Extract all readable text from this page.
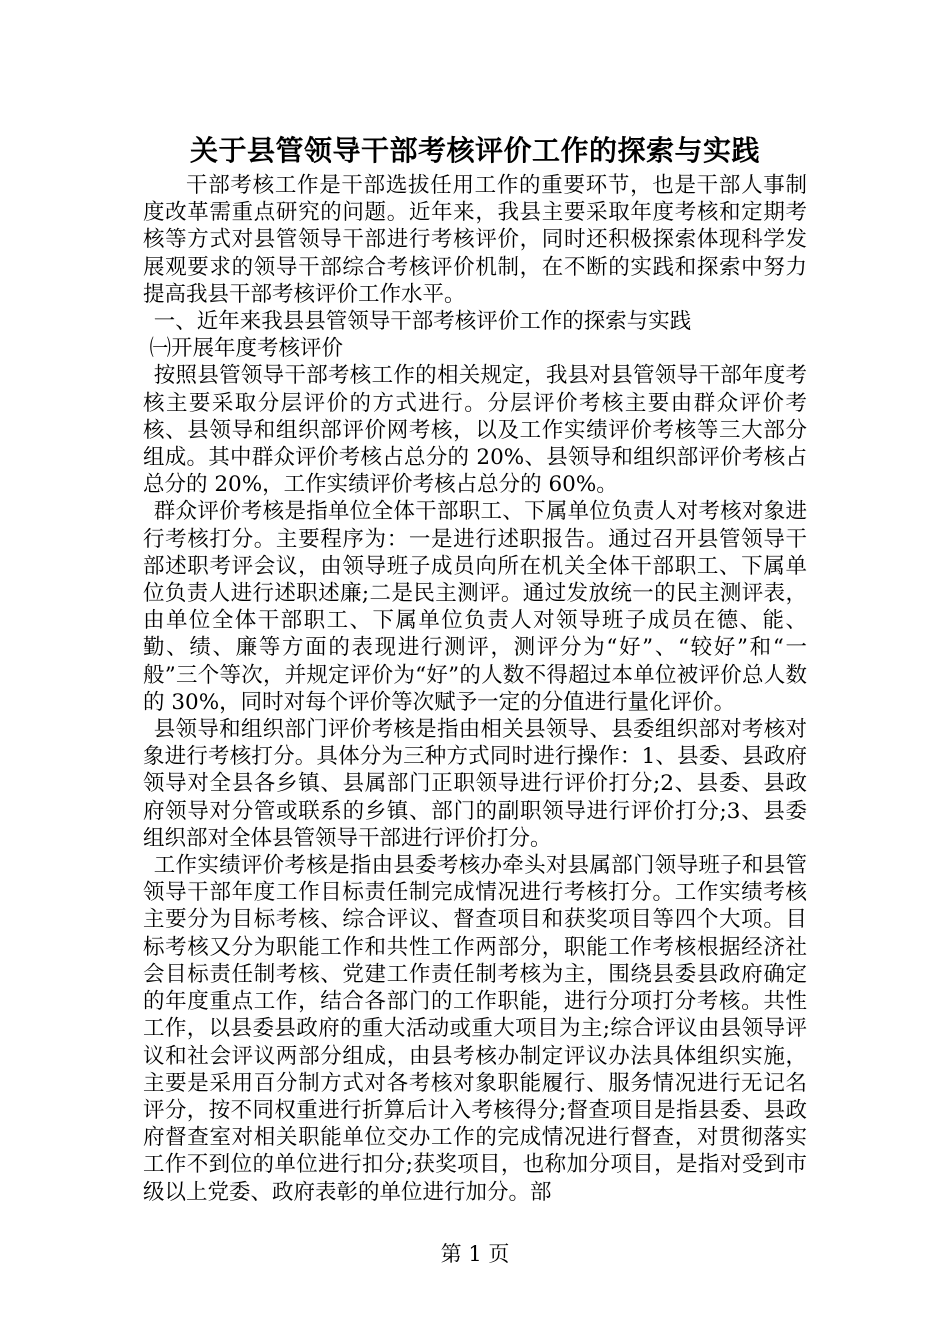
关于县管领导干部考核评价工作的探索与实践

干部考核工作是干部选拔任用工作的重要环节，也是干部人事制度改革需重点研究的问题。近年来，我县主要采取年度考核和定期考核等方式对县管领导干部进行考核评价，同时还积极探索体现科学发展观要求的领导干部综合考核评价机制，在不断的实践和探索中努力提高我县干部考核评价工作水平。

一、近年来我县县管领导干部考核评价工作的探索与实践

㈠开展年度考核评价

按照县管领导干部考核工作的相关规定，我县对县管领导干部年度考核主要采取分层评价的方式进行。分层评价考核主要由群众评价考核、县领导和组织部评价网考核，以及工作实绩评价考核等三大部分组成。其中群众评价考核占总分的 20%、县领导和组织部评价考核占总分的 20%，工作实绩评价考核占总分的 60%。

群众评价考核是指单位全体干部职工、下属单位负责人对考核对象进行考核打分。主要程序为：一是进行述职报告。通过召开县管领导干部述职考评会议，由领导班子成员向所在机关全体干部职工、下属单位负责人进行述职述廉;二是民主测评。通过发放统一的民主测评表，由单位全体干部职工、下属单位负责人对领导班子成员在德、能、勤、绩、廉等方面的表现进行测评，测评分为“好”、“较好”和“一般”三个等次，并规定评价为“好”的人数不得超过本单位被评价总人数的 30%，同时对每个评价等次赋予一定的分值进行量化评价。

县领导和组织部门评价考核是指由相关县领导、县委组织部对考核对象进行考核打分。具体分为三种方式同时进行操作：1、县委、县政府领导对全县各乡镇、县属部门正职领导进行评价打分;2、县委、县政府领导对分管或联系的乡镇、部门的副职领导进行评价打分;3、县委组织部对全体县管领导干部进行评价打分。

工作实绩评价考核是指由县委考核办牵头对县属部门领导班子和县管领导干部年度工作目标责任制完成情况进行考核打分。工作实绩考核主要分为目标考核、综合评议、督查项目和获奖项目等四个大项。目标考核又分为职能工作和共性工作两部分，职能工作考核根据经济社会目标责任制考核、党建工作责任制考核为主，围绕县委县政府确定的年度重点工作，结合各部门的工作职能，进行分项打分考核。共性工作，以县委县政府的重大活动或重大项目为主;综合评议由县领导评议和社会评议两部分组成，由县考核办制定评议办法具体组织实施，主要是采用百分制方式对各考核对象职能履行、服务情况进行无记名评分，按不同权重进行折算后计入考核得分;督查项目是指县委、县政府督查室对相关职能单位交办工作的完成情况进行督查，对贯彻落实工作不到位的单位进行扣分;获奖项目，也称加分项目，是指对受到市级以上党委、政府表彰的单位进行加分。部

第 1 页
